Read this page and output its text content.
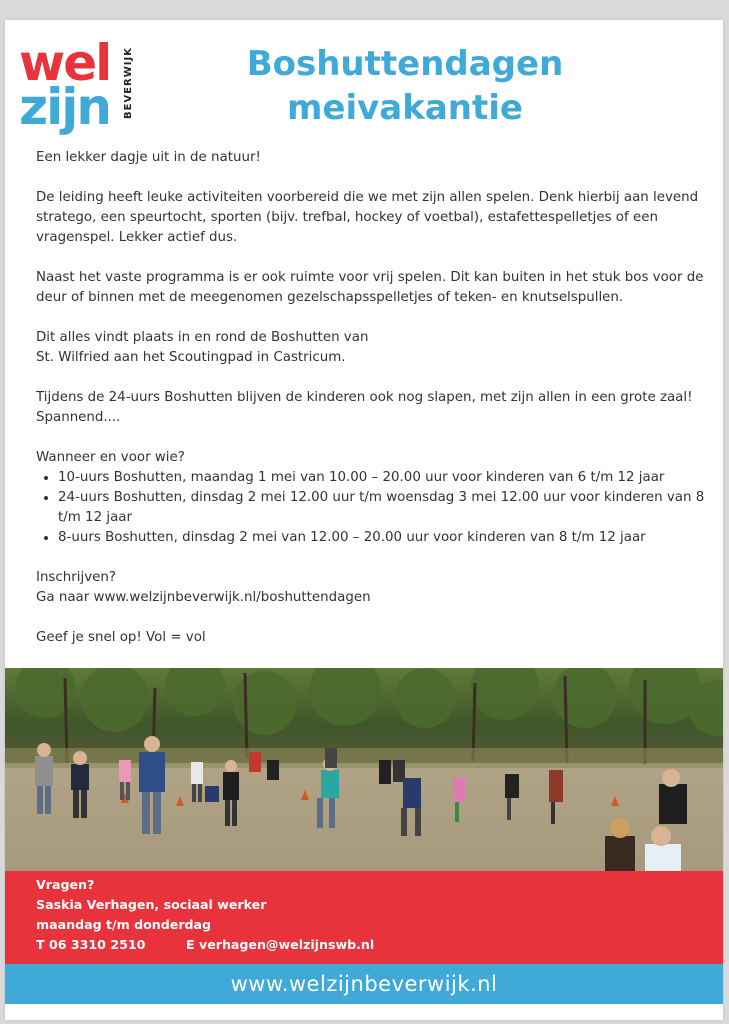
wel
zijn BEVERWIJK	Boshuttendagen
meivakantie

Een lekker dagje uit in de natuur!

De leiding heeft leuke activiteiten voorbereid die we met zijn allen spelen. Denk hierbij aan levend stratego, een speurtocht, sporten (bijv. trefbal, hockey of voetbal), estafettespelletjes of een vragenspel. Lekker actief dus.

Naast het vaste programma is er ook ruimte voor vrij spelen. Dit kan buiten in het stuk bos voor de deur of binnen met de meegenomen gezelschapsspelletjes of teken- en knutselspullen.

Dit alles vindt plaats in en rond de Boshutten van
St. Wilfried aan het Scoutingpad in Castricum.

Tijdens de 24-uurs Boshutten blijven de kinderen ook nog slapen, met zijn allen in een grote zaal! Spannend....

Wanneer en voor wie?

• 10-uurs Boshutten, maandag 1 mei van 10.00 – 20.00 uur voor kinderen van 6 t/m 12 jaar
• 24-uurs Boshutten, dinsdag 2 mei 12.00 uur t/m woensdag 3 mei 12.00 uur voor kinderen van 8 t/m 12 jaar
• 8-uurs Boshutten, dinsdag 2 mei van 12.00 – 20.00 uur voor kinderen van 8 t/m 12 jaar

Inschrijven?
Ga naar www.welzijnbeverwijk.nl/boshuttendagen

Geef je snel op! Vol = vol

Vragen?
Saskia Verhagen, sociaal werker
maandag t/m donderdag
T 06 3310 2510	E verhagen@welzijnswb.nl
www.welzijnbeverwijk.nl
